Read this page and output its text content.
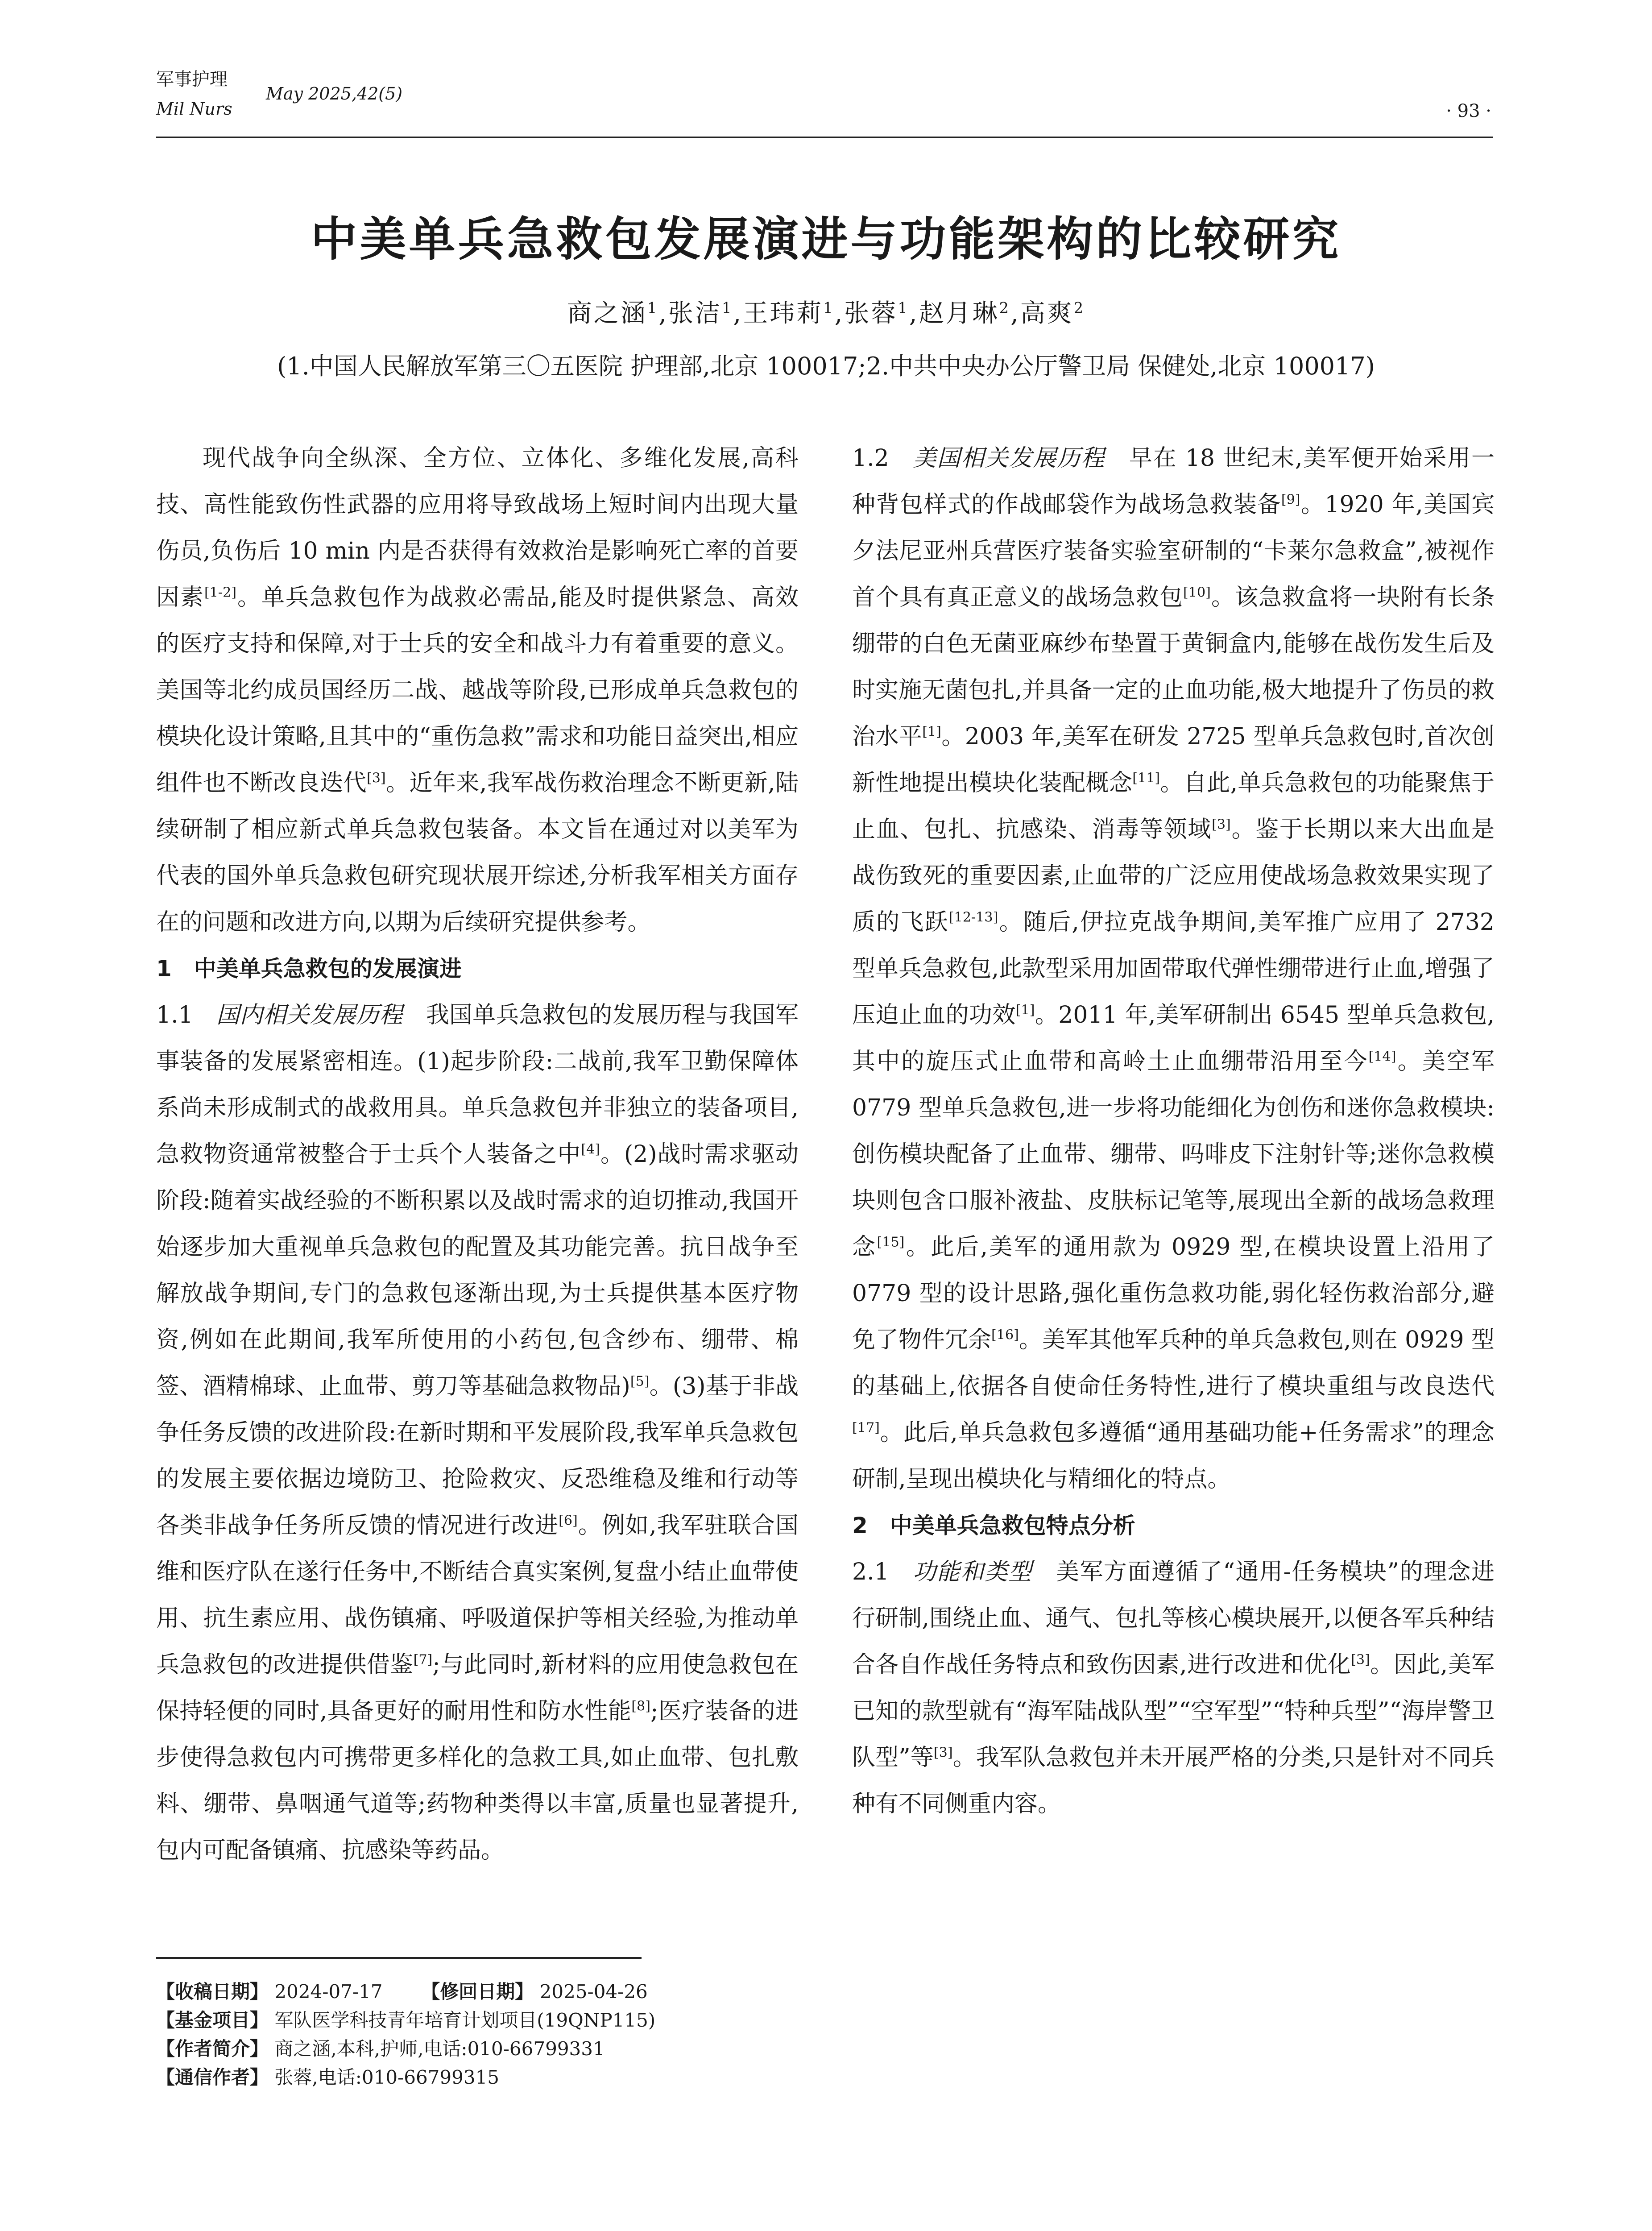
军事护理
Mil Nurs
May 2025,42(5)
· 93 ·
中美单兵急救包发展演进与功能架构的比较研究
商之涵$^1$,张洁$^1$,王玮莉$^1$,张蓉$^1$,赵月琳$^2$,高爽$^2$
(1.中国人民解放军第三〇五医院 护理部,北京 100017;2.中共中央办公厅警卫局 保健处,北京 100017)

现代战争向全纵深、全方位、立体化、多维化发展,高科技、高性能致伤性武器的应用将导致战场上短时间内出现大量伤员,负伤后 10 min 内是否获得有效救治是影响死亡率的首要因素[1-2]。单兵急救包作为战救必需品,能及时提供紧急、高效的医疗支持和保障,对于士兵的安全和战斗力有着重要的意义。美国等北约成员国经历二战、越战等阶段,已形成单兵急救包的模块化设计策略,且其中的“重伤急救”需求和功能日益突出,相应组件也不断改良迭代[3]。近年来,我军战伤救治理念不断更新,陆续研制了相应新式单兵急救包装备。本文旨在通过对以美军为代表的国外单兵急救包研究现状展开综述,分析我军相关方面存在的问题和改进方向,以期为后续研究提供参考。

1　中美单兵急救包的发展演进

1.1 国内相关发展历程 我国单兵急救包的发展历程与我国军事装备的发展紧密相连。(1)起步阶段:二战前,我军卫勤保障体系尚未形成制式的战救用具。单兵急救包并非独立的装备项目,急救物资通常被整合于士兵个人装备之中[4]。(2)战时需求驱动阶段:随着实战经验的不断积累以及战时需求的迫切推动,我国开始逐步加大重视单兵急救包的配置及其功能完善。抗日战争至解放战争期间,专门的急救包逐渐出现,为士兵提供基本医疗物资,例如在此期间,我军所使用的小药包,包含纱布、绷带、棉签、酒精棉球、止血带、剪刀等基础急救物品)[5]。(3)基于非战争任务反馈的改进阶段:在新时期和平发展阶段,我军单兵急救包的发展主要依据边境防卫、抢险救灾、反恐维稳及维和行动等各类非战争任务所反馈的情况进行改进[6]。例如,我军驻联合国维和医疗队在遂行任务中,不断结合真实案例,复盘小结止血带使用、抗生素应用、战伤镇痛、呼吸道保护等相关经验,为推动单兵急救包的改进提供借鉴[7];与此同时,新材料的应用使急救包在保持轻便的同时,具备更好的耐用性和防水性能[8];医疗装备的进步使得急救包内可携带更多样化的急救工具,如止血带、包扎敷料、绷带、鼻咽通气道等;药物种类得以丰富,质量也显著提升,包内可配备镇痛、抗感染等药品。

1.2 美国相关发展历程 早在 18 世纪末,美军便开始采用一种背包样式的作战邮袋作为战场急救装备[9]。1920 年,美国宾夕法尼亚州兵营医疗装备实验室研制的“卡莱尔急救盒”,被视作首个具有真正意义的战场急救包[10]。该急救盒将一块附有长条绷带的白色无菌亚麻纱布垫置于黄铜盒内,能够在战伤发生后及时实施无菌包扎,并具备一定的止血功能,极大地提升了伤员的救治水平[1]。2003 年,美军在研发 2725 型单兵急救包时,首次创新性地提出模块化装配概念[11]。自此,单兵急救包的功能聚焦于止血、包扎、抗感染、消毒等领域[3]。鉴于长期以来大出血是战伤致死的重要因素,止血带的广泛应用使战场急救效果实现了质的飞跃[12-13]。随后,伊拉克战争期间,美军推广应用了 2732 型单兵急救包,此款型采用加固带取代弹性绷带进行止血,增强了压迫止血的功效[1]。2011 年,美军研制出 6545 型单兵急救包,其中的旋压式止血带和高岭土止血绷带沿用至今[14]。美空军 0779 型单兵急救包,进一步将功能细化为创伤和迷你急救模块:创伤模块配备了止血带、绷带、吗啡皮下注射针等;迷你急救模块则包含口服补液盐、皮肤标记笔等,展现出全新的战场急救理念[15]。此后,美军的通用款为 0929 型,在模块设置上沿用了 0779 型的设计思路,强化重伤急救功能,弱化轻伤救治部分,避免了物件冗余[16]。美军其他军兵种的单兵急救包,则在 0929 型的基础上,依据各自使命任务特性,进行了模块重组与改良迭代[17]。此后,单兵急救包多遵循“通用基础功能+任务需求”的理念研制,呈现出模块化与精细化的特点。

2　中美单兵急救包特点分析

2.1 功能和类型 美军方面遵循了“通用-任务模块”的理念进行研制,围绕止血、通气、包扎等核心模块展开,以便各军兵种结合各自作战任务特点和致伤因素,进行改进和优化[3]。因此,美军已知的款型就有“海军陆战队型”“空军型”“特种兵型”“海岸警卫队型”等[3]。我军队急救包并未开展严格的分类,只是针对不同兵种有不同侧重内容。

【收稿日期】 2024-07-17 【修回日期】 2025-04-26
【基金项目】 军队医学科技青年培育计划项目(19QNP115)
【作者简介】 商之涵,本科,护师,电话:010-66799331
【通信作者】 张蓉,电话:010-66799315
